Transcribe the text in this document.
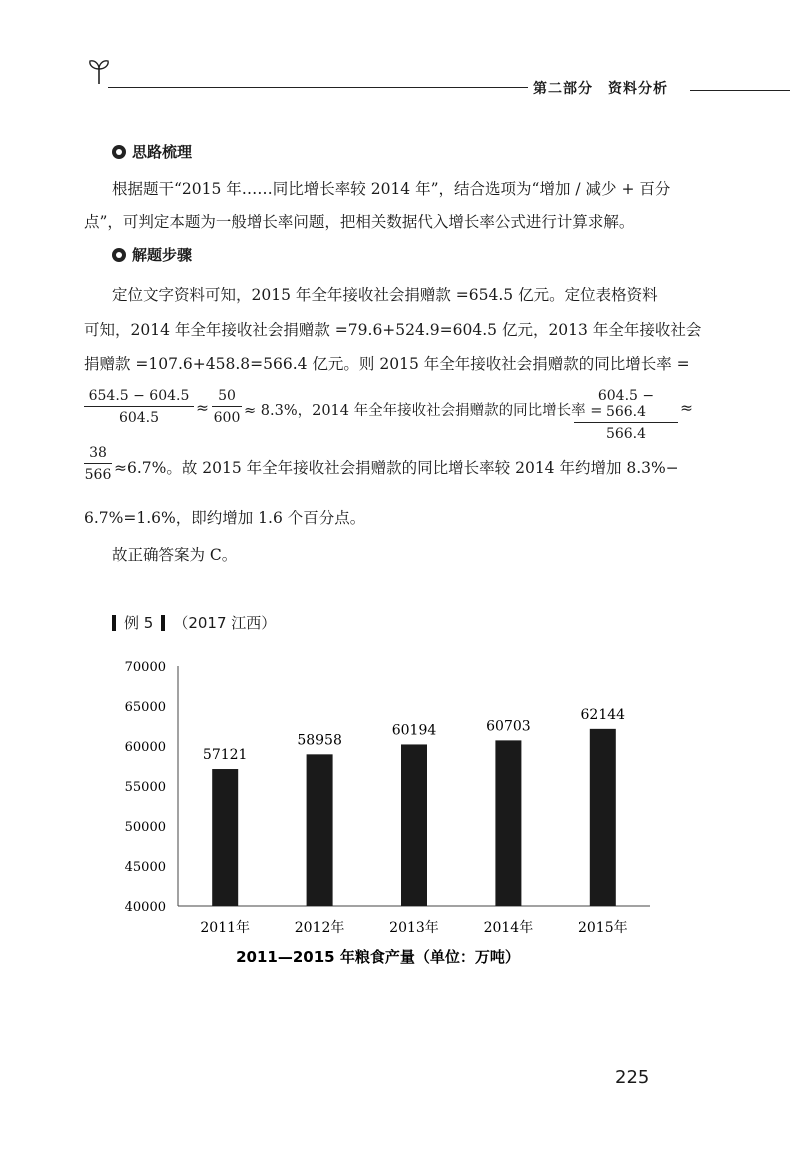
第二部分　资料分析
思路梳理
根据题干“2015 年……同比增长率较 2014 年”，结合选项为“增加 / 减少 + 百分
点”，可判定本题为一般增长率问题，把相关数据代入增长率公式进行计算求解。
解题步骤
定位文字资料可知，2015 年全年接收社会捐赠款 =654.5 亿元。定位表格资料
可知，2014 年全年接收社会捐赠款 =79.6+524.9=604.5 亿元，2013 年全年接收社会
捐赠款 =107.6+458.8=566.4 亿元。则 2015 年全年接收社会捐赠款的同比增长率 =
$\frac{654.5 - 604.5}{604.5} \approx \frac{50}{600} \approx 8.3\%$，2014 年全年接收社会捐赠款的同比增长率 =
$\frac{604.5 - 566.4}{566.4}$ ≈
$\frac{38}{566} \approx 6.7\%$。故 2015 年全年接收社会捐赠款的同比增长率较 2014 年约增加 8.3%−
6.7%=1.6%，即约增加 1.6 个百分点。
故正确答案为 C。
例 5 （2017 江西）
40000
45000
50000
55000
60000
65000
70000
57121
58958
60194	60703
62144
2011年	2012年	2013年	2014年	2015年
2011—2015 年粮食产量（单位：万吨）
225
